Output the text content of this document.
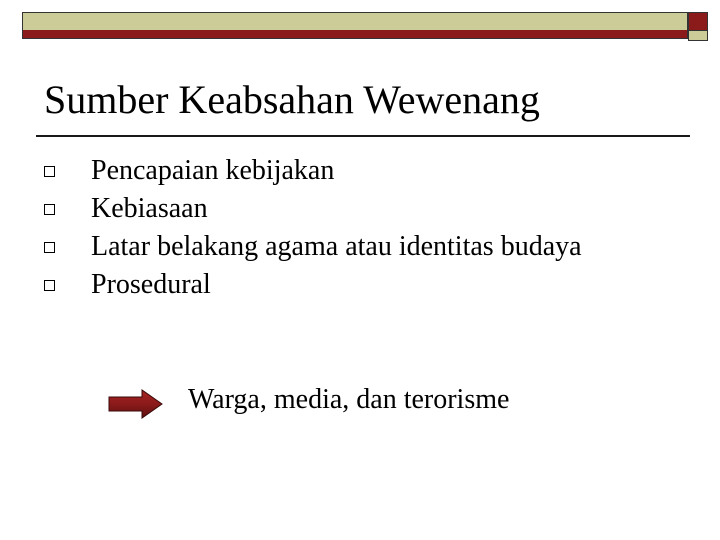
Sumber Keabsahan Wewenang
Pencapaian kebijakan
Kebiasaan
Latar belakang agama atau identitas budaya
Prosedural
Warga, media, dan terorisme
